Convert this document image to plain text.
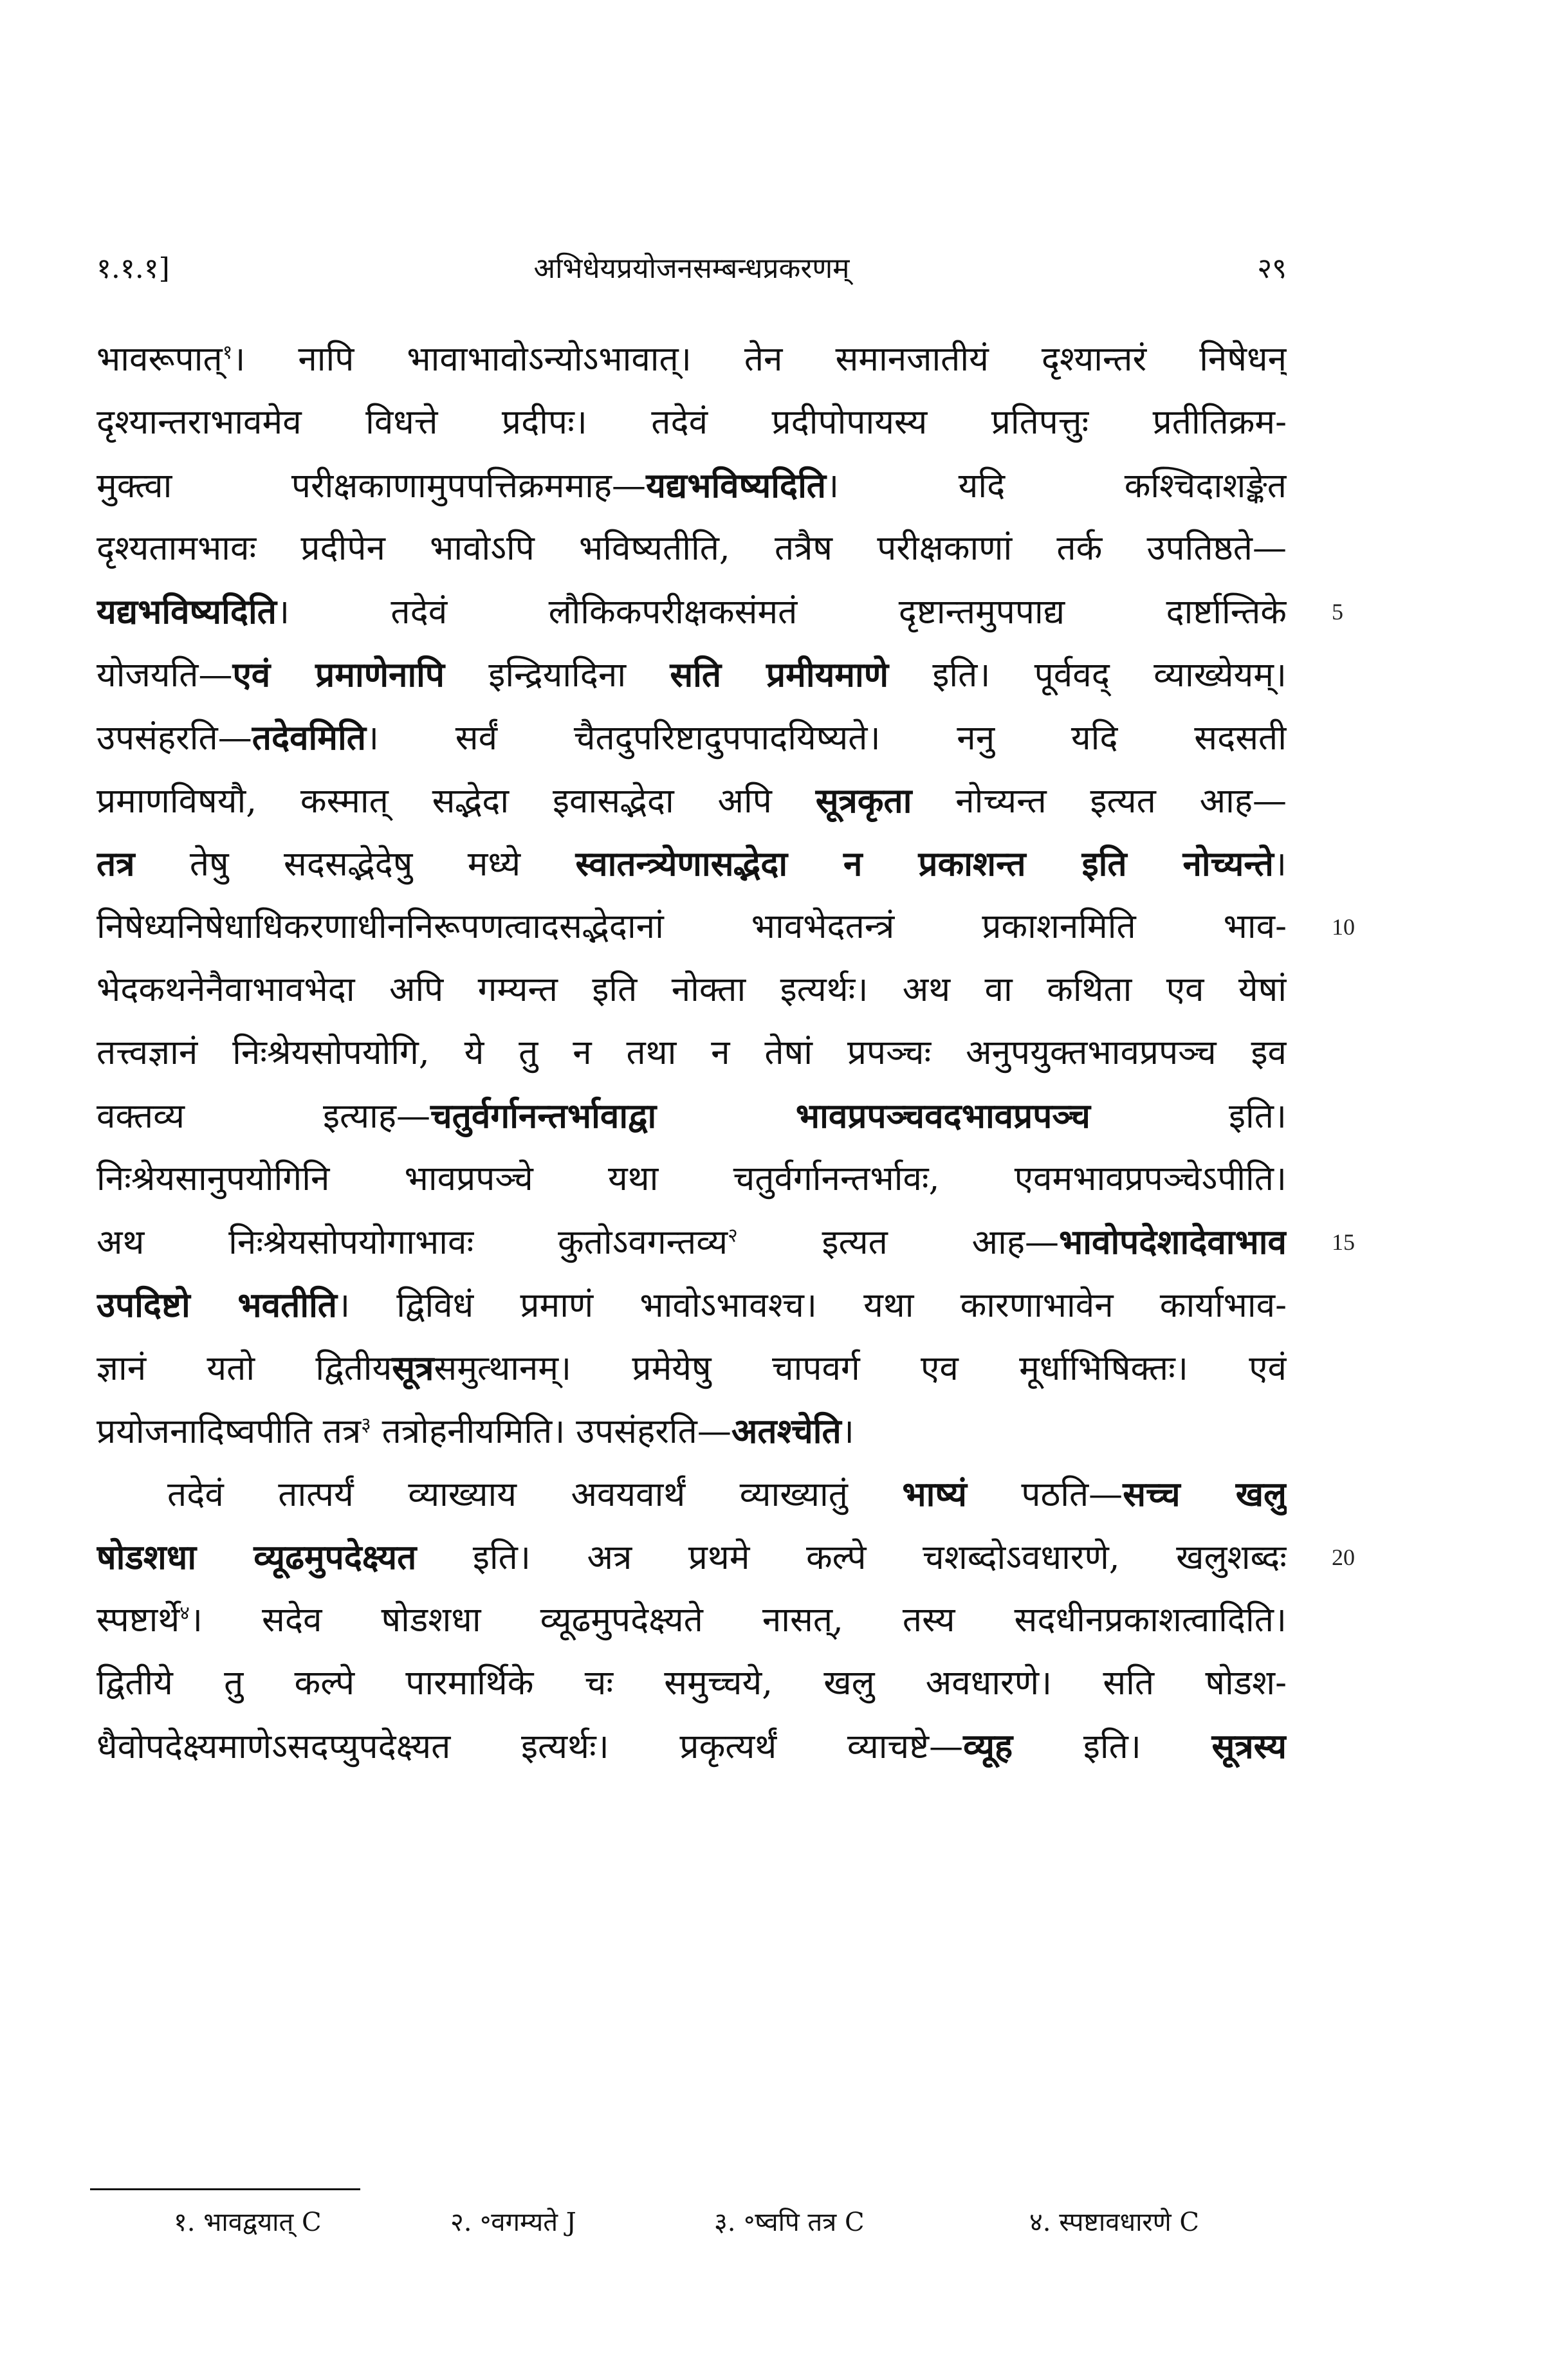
१.१.१]	अभिधेयप्रयोजनसम्बन्धप्रकरणम्	२९
भावरूपात्$^१$। नापि भावाभावोऽन्योऽभावात्। तेन समानजातीयं दृश्यान्तरं निषेधन्
दृश्यान्तराभावमेव विधत्ते प्रदीपः। तदेवं प्रदीपोपायस्य प्रतिपत्तुः प्रतीतिक्रम-
मुक्त्वा परीक्षकाणामुपपत्तिक्रममाह—यद्यभविष्यदिति। यदि कश्चिदाशङ्केत
दृश्यतामभावः प्रदीपेन भावोऽपि भविष्यतीति, तत्रैष परीक्षकाणां तर्क उपतिष्ठते—
यद्यभविष्यदिति। तदेवं लौकिकपरीक्षकसंमतं दृष्टान्तमुपपाद्य दार्ष्टान्तिके
योजयति—एवं प्रमाणेनापि इन्द्रियादिना सति प्रमीयमाणे इति। पूर्ववद् व्याख्येयम्।
उपसंहरति—तदेवमिति। सर्वं चैतदुपरिष्टादुपपादयिष्यते। ननु यदि सदसती
प्रमाणविषयौ, कस्मात् सद्भेदा इवासद्भेदा अपि सूत्रकृता नोच्यन्त इत्यत आह—
तत्र तेषु सदसद्भेदेषु मध्ये स्वातन्त्र्येणासद्भेदा न प्रकाशन्त इति नोच्यन्ते।
निषेध्यनिषेधाधिकरणाधीननिरूपणत्वादसद्भेदानां भावभेदतन्त्रं प्रकाशनमिति भाव-
भेदकथनेनैवाभावभेदा अपि गम्यन्त इति नोक्ता इत्यर्थः। अथ वा कथिता एव येषां
तत्त्वज्ञानं निःश्रेयसोपयोगि, ये तु न तथा न तेषां प्रपञ्चः अनुपयुक्तभावप्रपञ्च इव
वक्तव्य इत्याह—चतुर्वर्गानन्तर्भावाद्वा भावप्रपञ्चवदभावप्रपञ्च इति।
निःश्रेयसानुपयोगिनि भावप्रपञ्चे यथा चतुर्वर्गानन्तर्भावः, एवमभावप्रपञ्चेऽपीति।
अथ निःश्रेयसोपयोगाभावः कुतोऽवगन्तव्य$^२$ इत्यत आह—भावोपदेशादेवाभाव
उपदिष्टो भवतीति। द्विविधं प्रमाणं भावोऽभावश्च। यथा कारणाभावेन कार्याभाव-
ज्ञानं यतो द्वितीयसूत्रसमुत्थानम्। प्रमेयेषु चापवर्ग एव मूर्धाभिषिक्तः। एवं
प्रयोजनादिष्वपीति तत्र$^३$ तत्रोहनीयमिति। उपसंहरति—अतश्चेति।
तदेवं तात्पर्यं व्याख्याय अवयवार्थं व्याख्यातुं भाष्यं पठति—सच्च खलु
षोडशधा व्यूढमुपदेक्ष्यत इति। अत्र प्रथमे कल्पे चशब्दोऽवधारणे, खलुशब्दः
स्पष्टार्थे$^४$। सदेव षोडशधा व्यूढमुपदेक्ष्यते नासत्, तस्य सदधीनप्रकाशत्वादिति।
द्वितीये तु कल्पे पारमार्थिके चः समुच्चये, खलु अवधारणे। सति षोडश-
धैवोपदेक्ष्यमाणेऽसदप्युपदेक्ष्यत इत्यर्थः। प्रकृत्यर्थं व्याचष्टे—व्यूह इति। सूत्रस्य
5
10
15
20
१. भावद्वयात् C	२. ॰वगम्यते J	३. ॰ष्वपि तत्र C	४. स्पष्टावधारणे C
